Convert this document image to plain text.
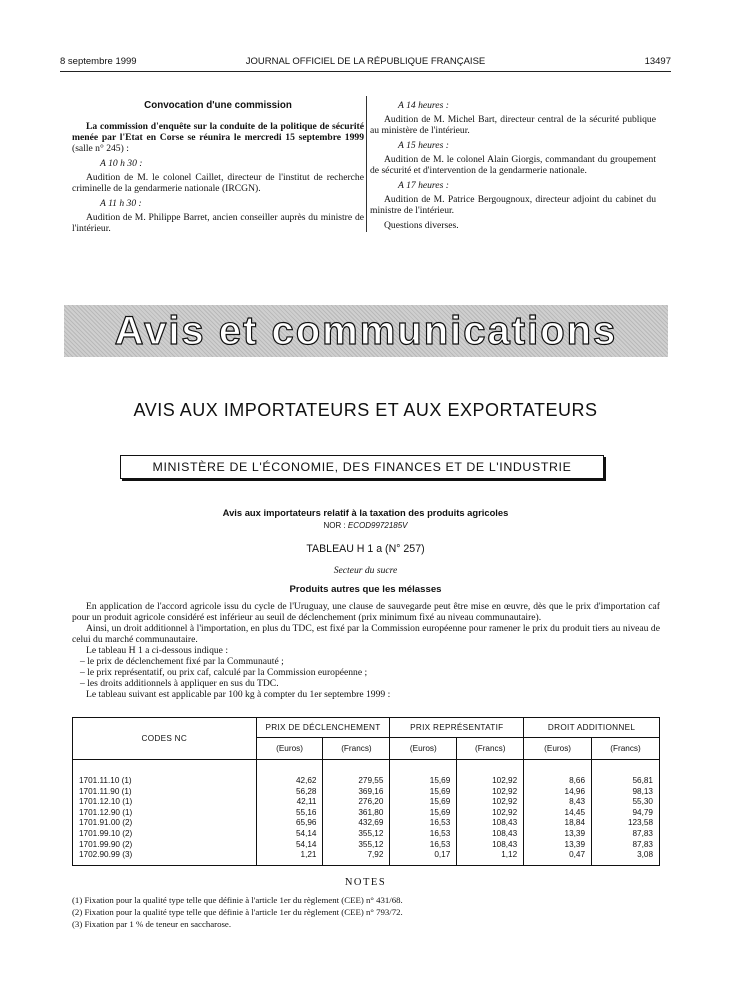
8 septembre 1999	JOURNAL OFFICIEL DE LA RÉPUBLIQUE FRANÇAISE	13497
Convocation d'une commission

La commission d'enquête sur la conduite de la politique de sécurité menée par l'Etat en Corse se réunira le mercredi 15 septembre 1999 (salle n° 245) :

A 10 h 30 :

Audition de M. le colonel Caillet, directeur de l'institut de recherche criminelle de la gendarmerie nationale (IRCGN).

A 11 h 30 :

Audition de M. Philippe Barret, ancien conseiller auprès du ministre de l'intérieur.

A 14 heures :

Audition de M. Michel Bart, directeur central de la sécurité publique au ministère de l'intérieur.

A 15 heures :

Audition de M. le colonel Alain Giorgis, commandant du groupement de sécurité et d'intervention de la gendarmerie nationale.

A 17 heures :

Audition de M. Patrice Bergougnoux, directeur adjoint du cabinet du ministre de l'intérieur.

Questions diverses.

Avis et communications
AVIS AUX IMPORTATEURS ET AUX EXPORTATEURS
MINISTÈRE DE L'ÉCONOMIE, DES FINANCES ET DE L'INDUSTRIE
Avis aux importateurs relatif à la taxation des produits agricoles
NOR : ECOD9972185V
TABLEAU H 1 a (N° 257)
Secteur du sucre
Produits autres que les mélasses

En application de l'accord agricole issu du cycle de l'Uruguay, une clause de sauvegarde peut être mise en œuvre, dès que le prix d'importation caf pour un produit agricole considéré est inférieur au seuil de déclenchement (prix minimum fixé au niveau communautaire).

Ainsi, un droit additionnel à l'importation, en plus du TDC, est fixé par la Commission européenne pour ramener le prix du produit tiers au niveau de celui du marché communautaire.

Le tableau H 1 a ci-dessous indique :

– le prix de déclenchement fixé par la Communauté ;

– le prix représentatif, ou prix caf, calculé par la Commission européenne ;

– les droits additionnels à appliquer en sus du TDC.

Le tableau suivant est applicable par 100 kg à compter du 1er septembre 1999 :

CODES NC	PRIX DE DÉCLENCHEMENT		PRIX REPRÉSENTATIF		DROIT ADDITIONNEL	
	(Euros)	(Francs)	(Euros)	(Francs)	(Euros)	(Francs)

1701.11.10 (1)	42,62	279,55	15,69	102,92	8,66	56,81
1701.11.90 (1)	56,28	369,16	15,69	102,92	14,96	98,13
1701.12.10 (1)	42,11	276,20	15,69	102,92	8,43	55,30
1701.12.90 (1)	55,16	361,80	15,69	102,92	14,45	94,79
1701.91.00 (2)	65,96	432,69	16,53	108,43	18,84	123,58
1701.99.10 (2)	54,14	355,12	16,53	108,43	13,39	87,83
1701.99.90 (2)	54,14	355,12	16,53	108,43	13,39	87,83
1702.90.99 (3)	1,21	7,92	0,17	1,12	0,47	3,08
NOTES

(1) Fixation pour la qualité type telle que définie à l'article 1er du règlement (CEE) n° 431/68.

(2) Fixation pour la qualité type telle que définie à l'article 1er du règlement (CEE) n° 793/72.

(3) Fixation par 1 % de teneur en saccharose.
